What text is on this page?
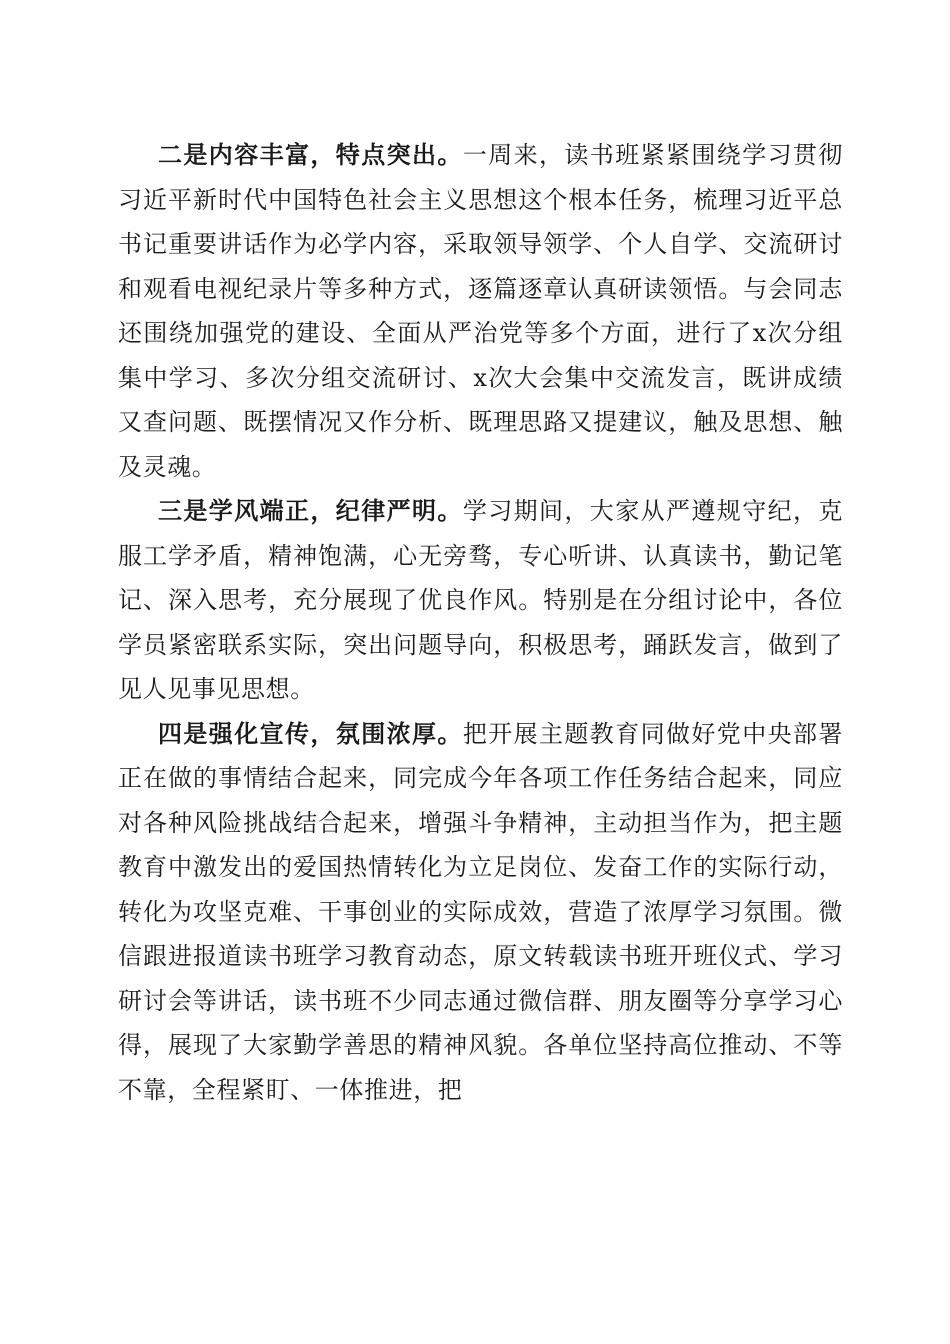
二是内容丰富，特点突出。一周来，读书班紧紧围绕学习贯彻习近平新时代中国特色社会主义思想这个根本任务，梳理习近平总书记重要讲话作为必学内容，采取领导领学、个人自学、交流研讨和观看电视纪录片等多种方式，逐篇逐章认真研读领悟。与会同志还围绕加强党的建设、全面从严治党等多个方面，进行了x次分组集中学习、多次分组交流研讨、x次大会集中交流发言，既讲成绩又查问题、既摆情况又作分析、既理思路又提建议，触及思想、触及灵魂。

三是学风端正，纪律严明。学习期间，大家从严遵规守纪，克服工学矛盾，精神饱满，心无旁骛，专心听讲、认真读书，勤记笔记、深入思考，充分展现了优良作风。特别是在分组讨论中，各位学员紧密联系实际，突出问题导向，积极思考，踊跃发言，做到了见人见事见思想。

四是强化宣传，氛围浓厚。把开展主题教育同做好党中央部署正在做的事情结合起来，同完成今年各项工作任务结合起来，同应对各种风险挑战结合起来，增强斗争精神，主动担当作为，把主题教育中激发出的爱国热情转化为立足岗位、发奋工作的实际行动，转化为攻坚克难、干事创业的实际成效，营造了浓厚学习氛围。微信跟进报道读书班学习教育动态，原文转载读书班开班仪式、学习研讨会等讲话，读书班不少同志通过微信群、朋友圈等分享学习心得，展现了大家勤学善思的精神风貌。各单位坚持高位推动、不等不靠，全程紧盯、一体推进，把
